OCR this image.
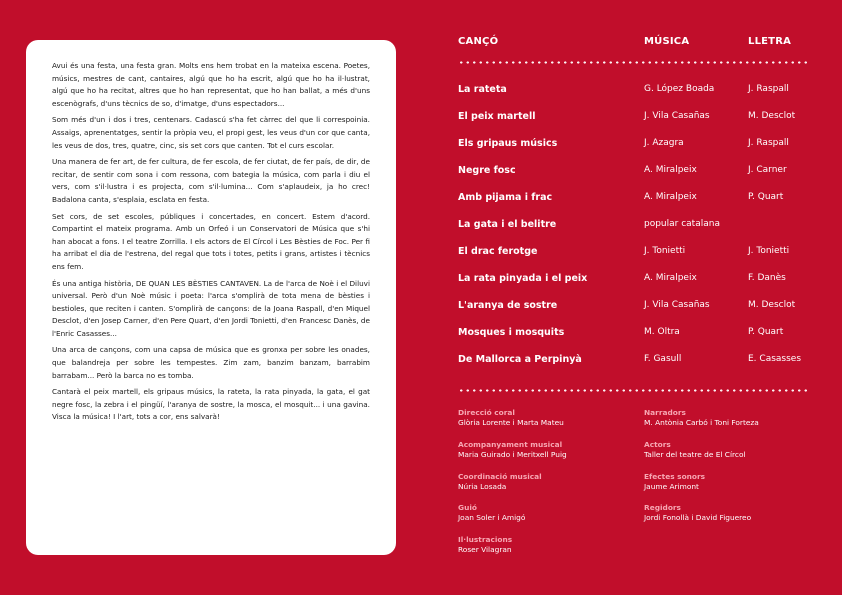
Avui és una festa, una festa gran. Molts ens hem trobat en la mateixa escena. Poetes, músics, mestres de cant, cantaires, algú que ho ha escrit, algú que ho ha il·lustrat, algú que ho ha recitat, altres que ho han representat, que ho han ballat, a més d'uns escenògrafs, d'uns tècnics de so, d'imatge, d'uns espectadors...

Som més d'un i dos i tres, centenars. Cadascú s'ha fet càrrec del que li correspoinia. Assaigs, aprenentatges, sentir la pròpia veu, el propi gest, les veus d'un cor que canta, les veus de dos, tres, quatre, cinc, sis set cors que canten. Tot el curs escolar.

Una manera de fer art, de fer cultura, de fer escola, de fer ciutat, de fer país, de dir, de recitar, de sentir com sona i com ressona, com bategia la música, com parla i diu el vers, com s'il·lustra i es projecta, com s'il·lumina... Com s'aplaudeix, ja ho crec! Badalona canta, s'esplaia, esclata en festa.

Set cors, de set escoles, públiques i concertades, en concert. Estem d'acord. Compartint el mateix programa. Amb un Orfeó i un Conservatori de Música que s'hi han abocat a fons. I el teatre Zorrilla. I els actors de El Círcol i Les Bèsties de Foc. Per fi ha arribat el dia de l'estrena, del regal que tots i totes, petits i grans, artistes i tècnics ens fem.

És una antiga història, DE QUAN LES BÈSTIES CANTAVEN. La de l'arca de Noè i el Diluvi universal. Però d'un Noè músic i poeta: l'arca s'omplirà de tota mena de bèsties i bestioles, que reciten i canten. S'omplirà de cançons: de la Joana Raspall, d'en Miquel Desclot, d'en Josep Carner, d'en Pere Quart, d'en Jordi Tonietti, d'en Francesc Danès, de l'Enric Casasses...

Una arca de cançons, com una capsa de música que es gronxa per sobre les onades, que balandreja per sobre les tempestes. Zim zam, banzim banzam, barrabim barrabam... Però la barca no es tomba.

Cantarà el peix martell, els gripaus músics, la rateta, la rata pinyada, la gata, el gat negre fosc, la zebra i el pingüí, l'aranya de sostre, la mosca, el mosquit... i una gavina. Visca la música! I l'art, tots a cor, ens salvarà!

CANÇÓ	MÚSICA	LLETRA
La rateta	G. López Boada	J. Raspall
El peix martell	J. Vila Casañas	M. Desclot
Els gripaus músics	J. Azagra	J. Raspall
Negre fosc	A. Miralpeix	J. Carner
Amb pijama i frac	A. Miralpeix	P. Quart
La gata i el belitre	popular catalana
El drac ferotge	J. Tonietti	J. Tonietti
La rata pinyada i el peix	A. Miralpeix	F. Danès
L'aranya de sostre	J. Vila Casañas	M. Desclot
Mosques i mosquits	M. Oltra	P. Quart
De Mallorca a Perpinyà	F. Gasull	E. Casasses
Direcció coral
Glòria Lorente i Marta Mateu
Acompanyament musical
Maria Guirado i Meritxell Puig
Coordinació musical
Núria Losada
Guió
Joan Soler i Amigó
Il·lustracions
Roser Vilagran
Narradors
M. Antònia Carbó i Toni Forteza
Actors
Taller del teatre de El Círcol
Efectes sonors
Jaume Arimont
Regidors
Jordi Fonollà i David Figuereo
